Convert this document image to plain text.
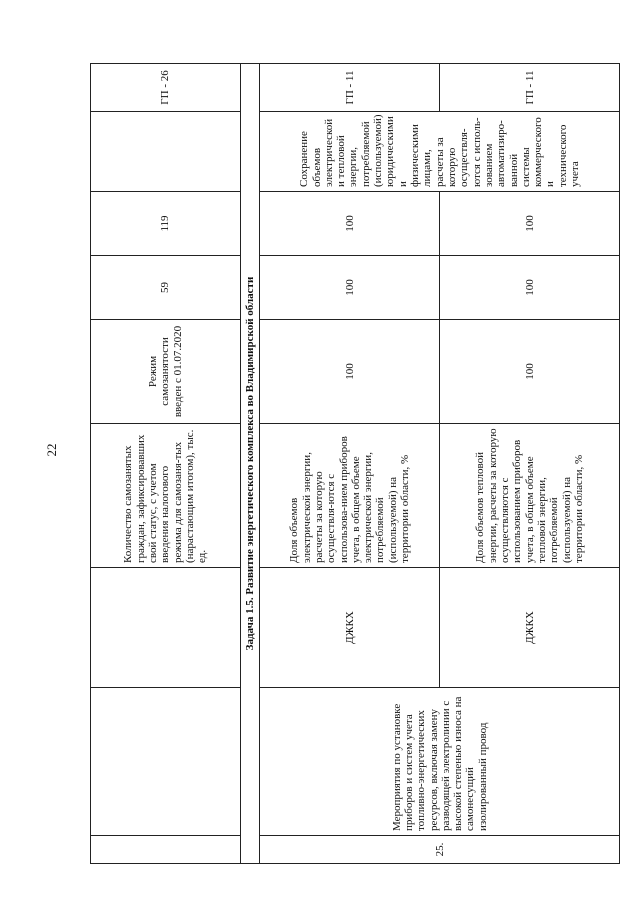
22
				Количество самозанятых граждан, зафиксировавших свой статус, с учетом введения налогового режима для самозаня-тых (нарастающим итогом), тыс. ед.	Режим самозанятости введен с 01.07.2020	59	119		ГП - 26
Задача 1.5. Развитие энергетического комплекса во Владимирской области								
25.	Мероприятия по установке приборов и систем учета топливно-энергетических ресурсов, включая замену разводящей электролинии с высокой степенью износа на самонесущий изолированный провод	ДЖКХ	Доля объемов электрической энергии, расчеты за которую осуществля-ются с использова-нием приборов учета, в общем объеме электрической энергии, потребляемой (используемой) на территории области, %	100	100	100	Сохранение объемов электрической и тепловой энергии, потребляемой (используемой) юридическими и физическими лицами, расчеты за которую осуществля-ются с исполь-зованием автоматизиро-ванной системы коммерческого и технического учета	ГП - 11
		ДЖКХ	Доля объемов тепловой энергии, расчеты за которую осуществляются с использованием приборов учета, в общем объеме тепловой энергии, потребляемой (используемой) на территории области, %	100	100	100		ГП - 11
